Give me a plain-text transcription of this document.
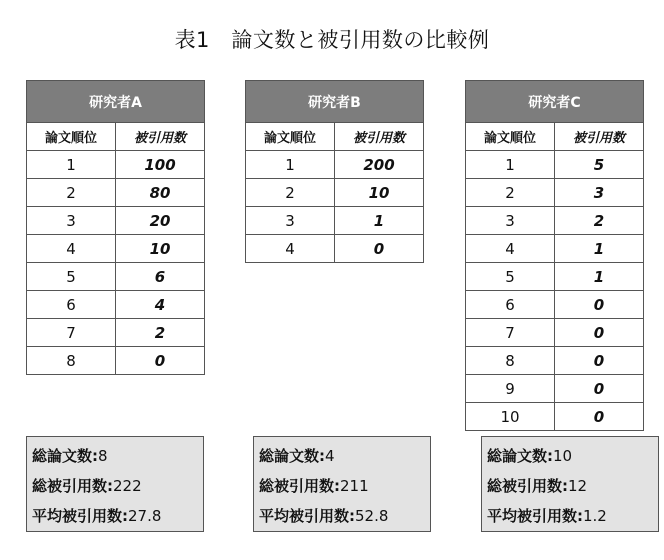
表1　論文数と被引用数の比較例
研究者A	
論文順位	被引用数
1	100
2	80
3	20
4	10
5	6
6	4
7	2
8	0
研究者B	
論文順位	被引用数
1	200
2	10
3	1
4	0
研究者C	
論文順位	被引用数
1	5
2	3
3	2
4	1
5	1
6	0
7	0
8	0
9	0
10	0
総論文数:8
総被引用数:222
平均被引用数:27.8
総論文数:4
総被引用数:211
平均被引用数:52.8
総論文数:10
総被引用数:12
平均被引用数:1.2
